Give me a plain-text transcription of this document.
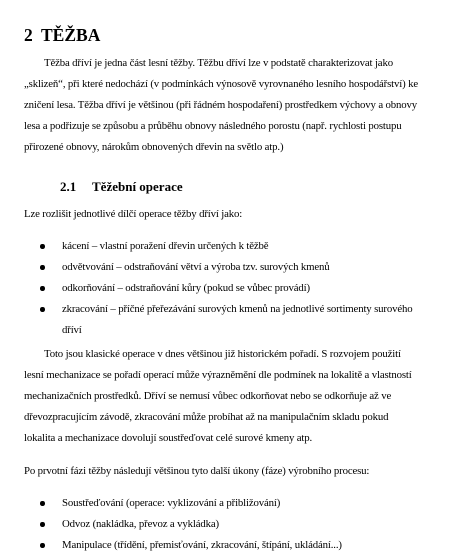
2 TĚŽBA
Těžba dříví je jedna část lesní těžby. Těžbu dříví lze v podstatě charakterizovat jako
„sklizeň“, při které nedochází (v podmínkách výnosově vyrovnaného lesního hospodářství) ke
zničení lesa. Těžba dříví je většinou (při řádném hospodaření) prostředkem výchovy a obnovy
lesa a podřizuje se způsobu a průběhu obnovy následného porostu (např. rychlosti postupu
přirozené obnovy, nárokům obnovených dřevin na světlo atp.)
2.1 Těžební operace
Lze rozlišit jednotlivé dílčí operace těžby dříví jako:
kácení – vlastní poražení dřevin určených k těžbě
odvětvování – odstraňování větví a výroba tzv. surových kmenů
odkorňování – odstraňování kůry (pokud se vůbec provádí)
zkracování – příčné přeřezávání surových kmenů na jednotlivé sortimenty surového
dříví
Toto jsou klasické operace v dnes většinou již historickém pořadí. S rozvojem použití
lesní mechanizace se pořadí operací může výrazněmění dle podmínek na lokalitě a vlastností
mechanizačních prostředků. Dříví se nemusí vůbec odkorňovat nebo se odkorňuje až ve
dřevozpracujícím závodě, zkracování může probíhat až na manipulačním skladu pokud
lokalita a mechanizace dovolují soustřeďovat celé surové kmeny atp.
Po prvotní fázi těžby následují většinou tyto další úkony (fáze) výrobního procesu:
Soustřeďování (operace: vyklizování a přibližování)
Odvoz (nakládka, převoz a vykládka)
Manipulace (třídění, přemisťování, zkracování, štípání, ukládání...)
